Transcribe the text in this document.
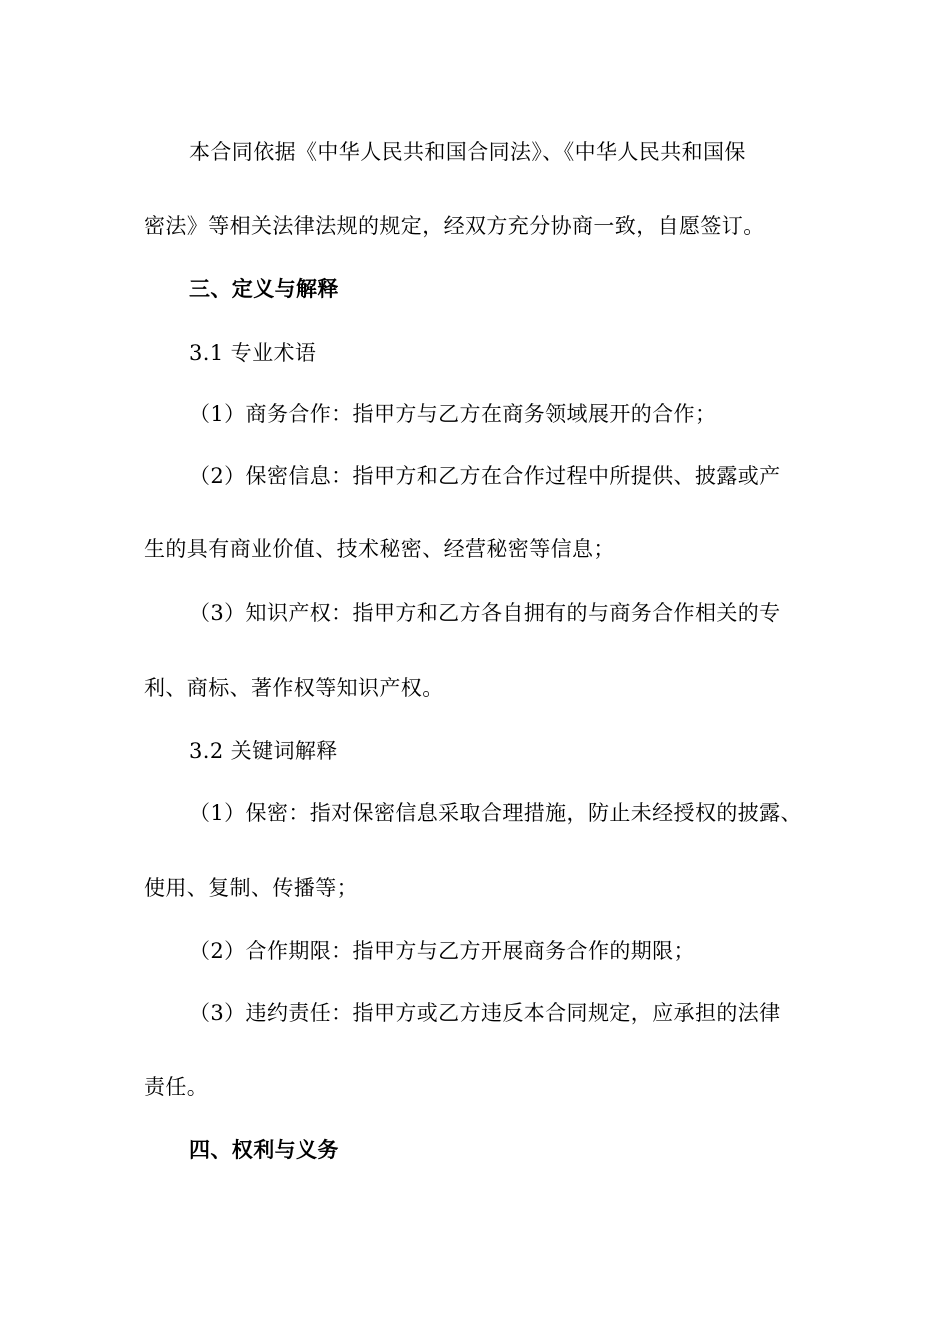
本合同依据《中华人民共和国合同法》、《中华人民共和国保
密法》等相关法律法规的规定，经双方充分协商一致，自愿签订。
三、定义与解释
3.1 专业术语
（1）商务合作：指甲方与乙方在商务领域展开的合作；
（2）保密信息：指甲方和乙方在合作过程中所提供、披露或产
生的具有商业价值、技术秘密、经营秘密等信息；
（3）知识产权：指甲方和乙方各自拥有的与商务合作相关的专
利、商标、著作权等知识产权。
3.2 关键词解释
（1）保密：指对保密信息采取合理措施，防止未经授权的披露、
使用、复制、传播等；
（2）合作期限：指甲方与乙方开展商务合作的期限；
（3）违约责任：指甲方或乙方违反本合同规定，应承担的法律
责任。
四、权利与义务
